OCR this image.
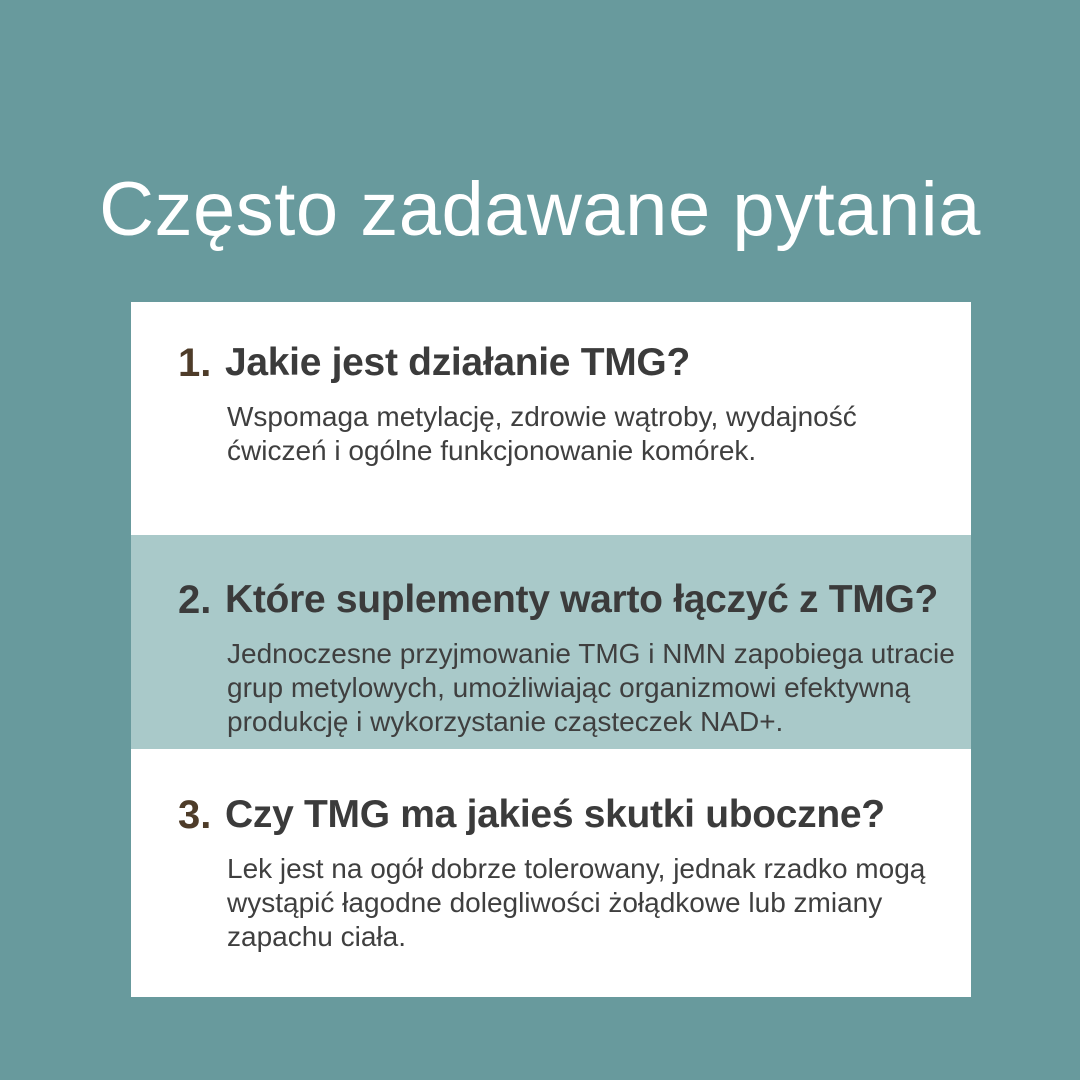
Często zadawane pytania
1. Jakie jest działanie TMG?

Wspomaga metylację, zdrowie wątroby, wydajność
ćwiczeń i ogólne funkcjonowanie komórek.

2. Które suplementy warto łączyć z TMG?

Jednoczesne przyjmowanie TMG i NMN zapobiega utracie
grup metylowych, umożliwiając organizmowi efektywną
produkcję i wykorzystanie cząsteczek NAD+.

3. Czy TMG ma jakieś skutki uboczne?

Lek jest na ogół dobrze tolerowany, jednak rzadko mogą
wystąpić łagodne dolegliwości żołądkowe lub zmiany
zapachu ciała.
